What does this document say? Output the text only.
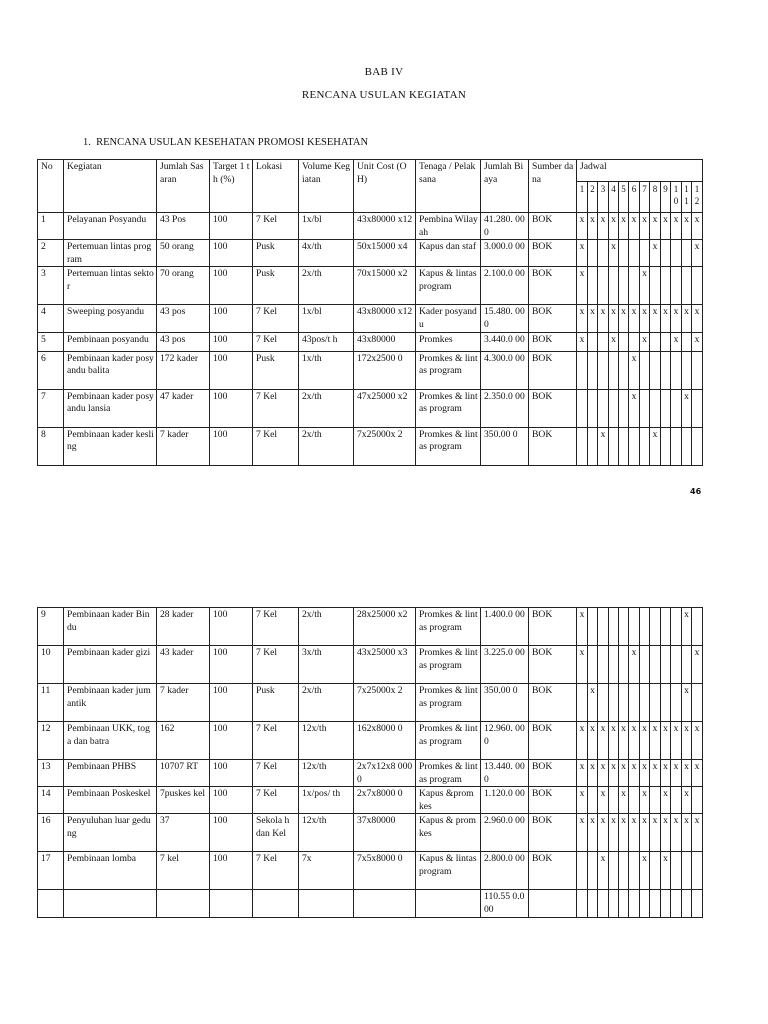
BAB IV
RENCANA USULAN KEGIATAN
1. RENCANA USULAN KESEHATAN PROMOSI KESEHATAN
No	Kegiatan	Jumlah Sasaran	Target 1 th (%)	Lokasi	Volume Kegiatan	Unit Cost (OH)	Tenaga / Pelaksana	Jumlah Biaya	Sumber dana	Jadwal											
										1	2	3	4	5	6	7	8	9	1 0	1 1	1 2
1	Pelayanan Posyandu	43 Pos	100	7 Kel	1x/bl	43x80000 x12	Pembina Wilayah	41.280. 000	BOK	x	x	x	x	x	x	x	x	x	x	x	x
2	Pertemuan lintas program	50 orang	100	Pusk	4x/th	50x15000 x4	Kapus dan staf	3.000.0 00	BOK	x			x				x				x
3	Pertemuan lintas sektor	70 orang	100	Pusk	2x/th	70x15000 x2	Kapus & lintas program	2.100.0 00	BOK	x						x					
4	Sweeping posyandu	43 pos	100	7 Kel	1x/bl	43x80000 x12	Kader posyandu	15.480. 000	BOK	x	x	x	x	x	x	x	x	x	x	x	x
5	Pembinaan posyandu	43 pos	100	7 Kel	43pos/t h	43x80000	Promkes	3.440.0 00	BOK	x			x			x			x		x
6	Pembinaan kader posyandu balita	172 kader	100	Pusk	1x/th	172x2500 0	Promkes & lintas program	4.300.0 00	BOK						x						
7	Pembinaan kader posyandu lansia	47 kader	100	7 Kel	2x/th	47x25000 x2	Promkes & lintas program	2.350.0 00	BOK						x					x	
8	Pembinaan kader kesling	7 kader	100	7 Kel	2x/th	7x25000x 2	Promkes & lintas program	350.00 0	BOK			x					x				
46
9	Pembinaan kader Bindu	28 kader	100	7 Kel	2x/th	28x25000 x2	Promkes & lintas program	1.400.0 00	BOK	x										x	
10	Pembinaan kader gizi	43 kader	100	7 Kel	3x/th	43x25000 x3	Promkes & lintas program	3.225.0 00	BOK	x					x						x
11	Pembinaan kader jumantik	7 kader	100	Pusk	2x/th	7x25000x 2	Promkes & lintas program	350.00 0	BOK		x									x	
12	Pembinaan UKK, toga dan batra	162	100	7 Kel	12x/th	162x8000 0	Promkes & lintas program	12.960. 000	BOK	x	x	x	x	x	x	x	x	x	x	x	x
13	Pembinaan PHBS	10707 RT	100	7 Kel	12x/th	2x7x12x8 0000	Promkes & lintas program	13.440. 000	BOK	x	x	x	x	x	x	x	x	x	x	x	x
14	Pembinaan Poskeskel	7puskes kel	100	7 Kel	1x/pos/ th	2x7x8000 0	Kapus &promkes	1.120.0 00	BOK	x		x		x		x		x		x	
16	Penyuluhan luar gedung	37	100	Sekola h dan Kel	12x/th	37x80000	Kapus & promkes	2.960.0 00	BOK	x	x	x	x	x	x	x	x	x	x	x	x
17	Pembinaan lomba	7 kel	100	7 Kel	7x	7x5x8000 0	Kapus & lintas program	2.800.0 00	BOK			x				x		x			
								110.55 0.000													
